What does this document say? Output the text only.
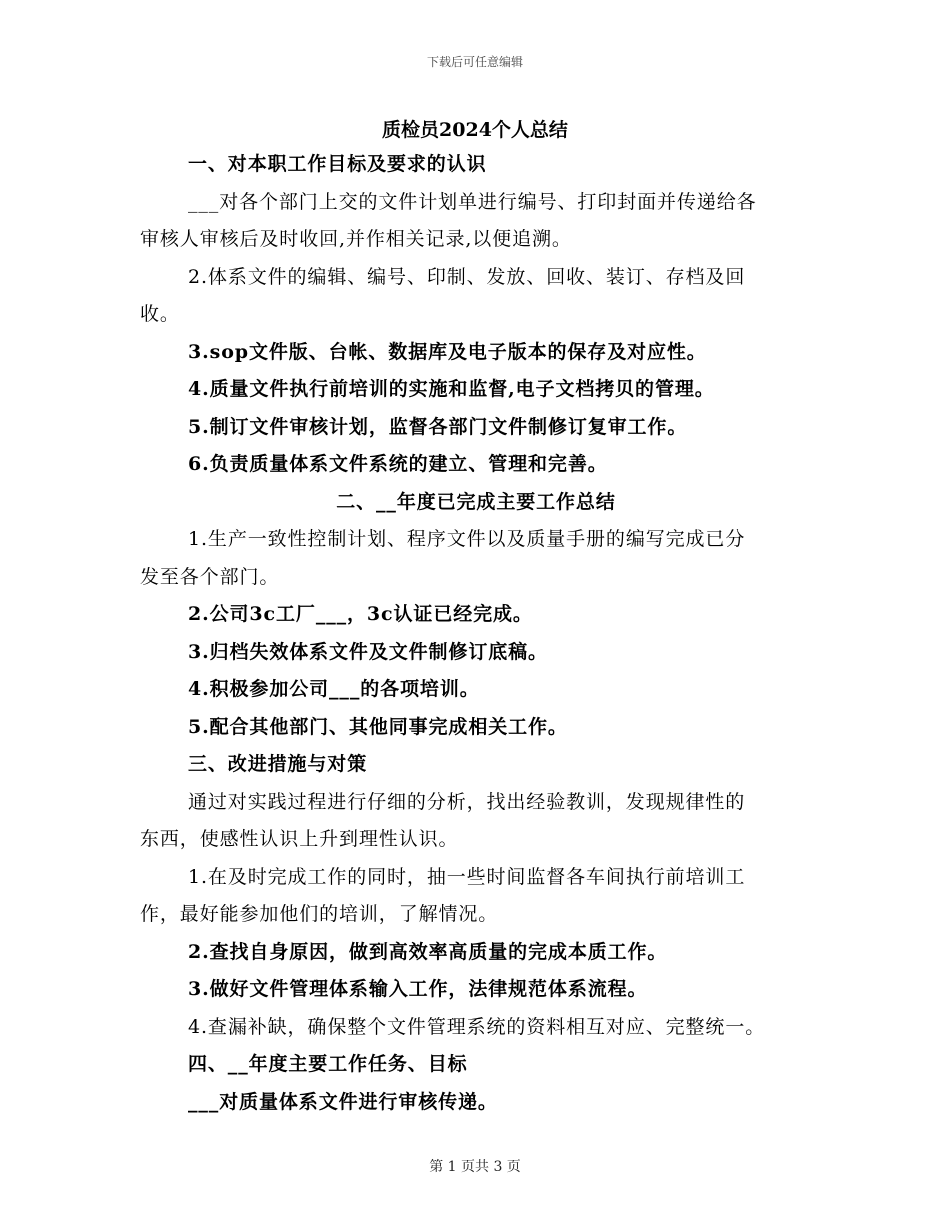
下载后可任意编辑
质检员2024个人总结
一、对本职工作目标及要求的认识
___对各个部门上交的文件计划单进行编号、打印封面并传递给各
审核人审核后及时收回,并作相关记录,以便追溯。
2.体系文件的编辑、编号、印制、发放、回收、装订、存档及回
收。
3.sop文件版、台帐、数据库及电子版本的保存及对应性。
4.质量文件执行前培训的实施和监督,电子文档拷贝的管理。
5.制订文件审核计划，监督各部门文件制修订复审工作。
6.负责质量体系文件系统的建立、管理和完善。
二、__年度已完成主要工作总结
1.生产一致性控制计划、程序文件以及质量手册的编写完成已分
发至各个部门。
2.公司3c工厂___，3c认证已经完成。
3.归档失效体系文件及文件制修订底稿。
4.积极参加公司___的各项培训。
5.配合其他部门、其他同事完成相关工作。
三、改进措施与对策
通过对实践过程进行仔细的分析，找出经验教训，发现规律性的
东西，使感性认识上升到理性认识。
1.在及时完成工作的同时，抽一些时间监督各车间执行前培训工
作，最好能参加他们的培训，了解情况。
2.查找自身原因，做到高效率高质量的完成本质工作。
3.做好文件管理体系输入工作，法律规范体系流程。
4.查漏补缺，确保整个文件管理系统的资料相互对应、完整统一。
四、__年度主要工作任务、目标
___对质量体系文件进行审核传递。
第 1 页共 3 页
